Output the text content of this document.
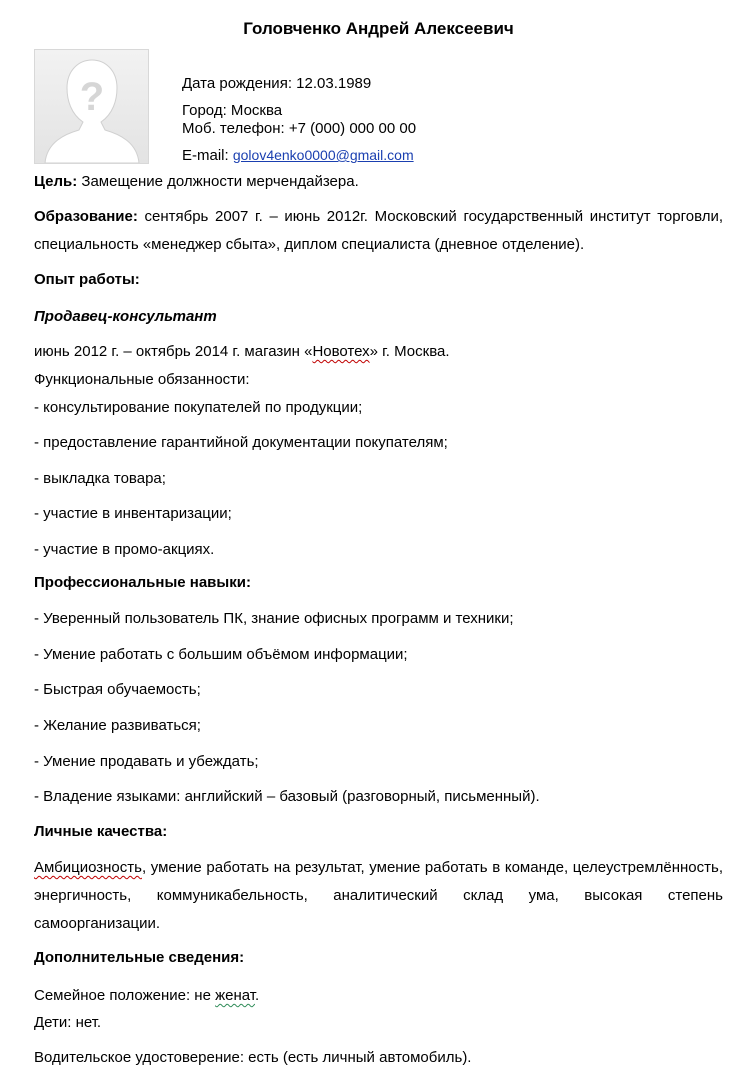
Головченко Андрей Алексеевич
?	Дата рождения: 12.03.1989
Город: Москва
Моб. телефон: +7 (000) 000 00 00
E-mail: golov4enko0000@gmail.com
Цель: Замещение должности мерчендайзера.
Образование: сентябрь 2007 г. – июнь 2012г. Московский государственный институт торговли, специальность «менеджер сбыта», диплом специалиста (дневное отделение).
Опыт работы:
Продавец-консультант
июнь 2012 г. – октябрь 2014 г. магазин «Новотех» г. Москва.
Функциональные обязанности:
- консультирование покупателей по продукции;
- предоставление гарантийной документации покупателям;
- выкладка товара;
- участие в инвентаризации;
- участие в промо-акциях.
Профессиональные навыки:
- Уверенный пользователь ПК, знание офисных программ и техники;
- Умение работать с большим объёмом информации;
- Быстрая обучаемость;
- Желание развиваться;
- Умение продавать и убеждать;
- Владение языками: английский – базовый (разговорный, письменный).
Личные качества:
Амбициозность, умение работать на результат, умение работать в команде, целеустремлённость, энергичность, коммуникабельность, аналитический склад ума, высокая степень самоорганизации.
Дополнительные сведения:
Семейное положение: не женат.
Дети: нет.
Водительское удостоверение: есть (есть личный автомобиль).
